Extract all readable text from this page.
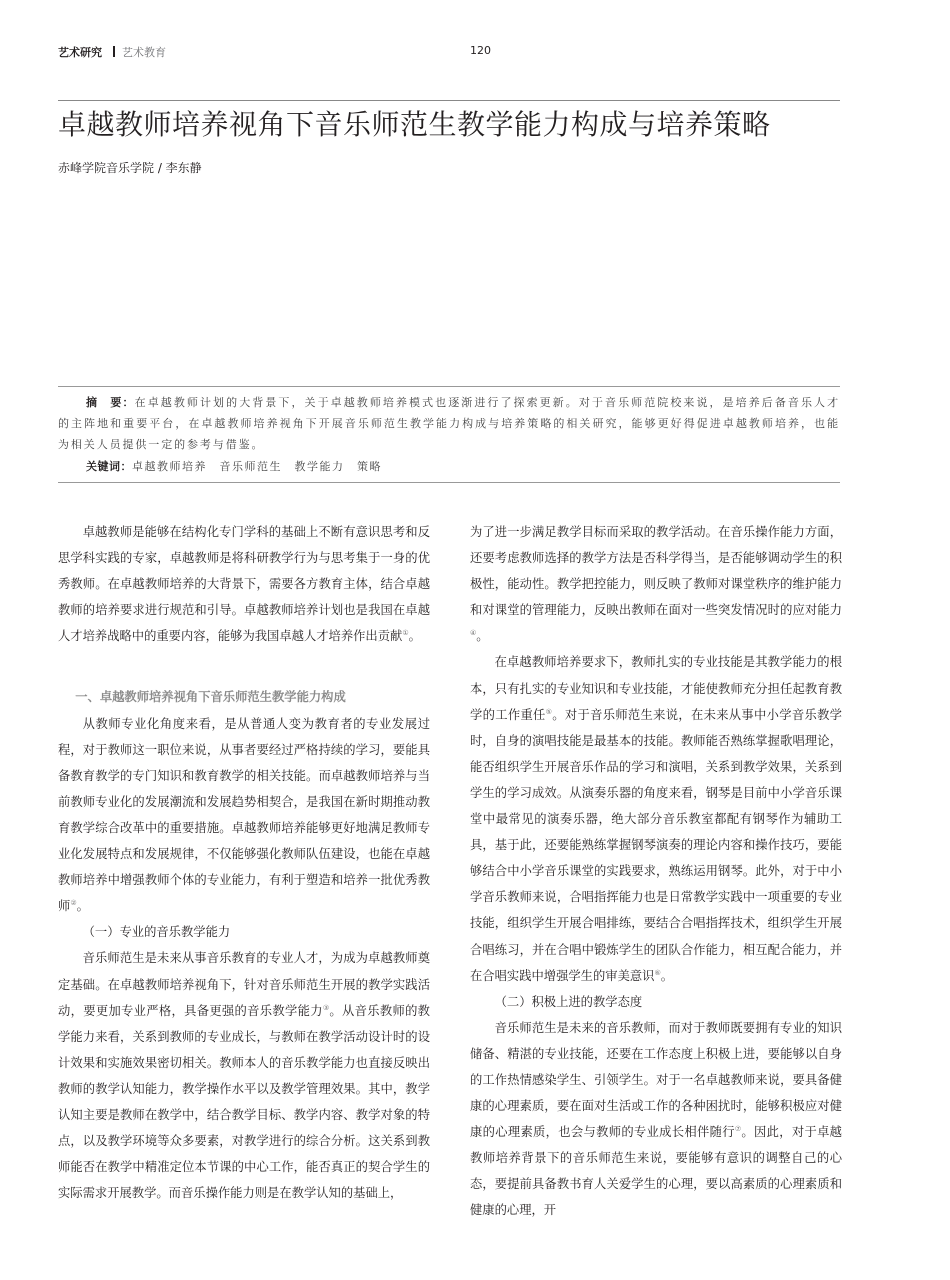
艺术研究 艺术教育	120
卓越教师培养视角下音乐师范生教学能力构成与培养策略
赤峰学院音乐学院 / 李东静
摘　要：在卓越教师计划的大背景下，关于卓越教师培养模式也逐渐进行了探索更新。对于音乐师范院校来说，是培养后备音乐人才的主阵地和重要平台，在卓越教师培养视角下开展音乐师范生教学能力构成与培养策略的相关研究，能够更好得促进卓越教师培养，也能为相关人员提供一定的参考与借鉴。
关键词：卓越教师培养　音乐师范生　教学能力　策略

卓越教师是能够在结构化专门学科的基础上不断有意识思考和反思学科实践的专家，卓越教师是将科研教学行为与思考集于一身的优秀教师。在卓越教师培养的大背景下，需要各方教育主体，结合卓越教师的培养要求进行规范和引导。卓越教师培养计划也是我国在卓越人才培养战略中的重要内容，能够为我国卓越人才培养作出贡献①。

一、卓越教师培养视角下音乐师范生教学能力构成

从教师专业化角度来看，是从普通人变为教育者的专业发展过程，对于教师这一职位来说，从事者要经过严格持续的学习，要能具备教育教学的专门知识和教育教学的相关技能。而卓越教师培养与当前教师专业化的发展潮流和发展趋势相契合，是我国在新时期推动教育教学综合改革中的重要措施。卓越教师培养能够更好地满足教师专业化发展特点和发展规律，不仅能够强化教师队伍建设，也能在卓越教师培养中增强教师个体的专业能力，有利于塑造和培养一批优秀教师②。

（一）专业的音乐教学能力

音乐师范生是未来从事音乐教育的专业人才，为成为卓越教师奠定基础。在卓越教师培养视角下，针对音乐师范生开展的教学实践活动，要更加专业严格，具备更强的音乐教学能力③。从音乐教师的教学能力来看，关系到教师的专业成长，与教师在教学活动设计时的设计效果和实施效果密切相关。教师本人的音乐教学能力也直接反映出教师的教学认知能力，教学操作水平以及教学管理效果。其中，教学认知主要是教师在教学中，结合教学目标、教学内容、教学对象的特点，以及教学环境等众多要素，对教学进行的综合分析。这关系到教师能否在教学中精准定位本节课的中心工作，能否真正的契合学生的实际需求开展教学。而音乐操作能力则是在教学认知的基础上，

为了进一步满足教学目标而采取的教学活动。在音乐操作能力方面，还要考虑教师选择的教学方法是否科学得当，是否能够调动学生的积极性，能动性。教学把控能力，则反映了教师对课堂秩序的维护能力和对课堂的管理能力，反映出教师在面对一些突发情况时的应对能力④。

在卓越教师培养要求下，教师扎实的专业技能是其教学能力的根本，只有扎实的专业知识和专业技能，才能使教师充分担任起教育教学的工作重任⑤。对于音乐师范生来说，在未来从事中小学音乐教学时，自身的演唱技能是最基本的技能。教师能否熟练掌握歌唱理论，能否组织学生开展音乐作品的学习和演唱，关系到教学效果，关系到学生的学习成效。从演奏乐器的角度来看，钢琴是目前中小学音乐课堂中最常见的演奏乐器，绝大部分音乐教室都配有钢琴作为辅助工具，基于此，还要能熟练掌握钢琴演奏的理论内容和操作技巧，要能够结合中小学音乐课堂的实践要求，熟练运用钢琴。此外，对于中小学音乐教师来说，合唱指挥能力也是日常教学实践中一项重要的专业技能，组织学生开展合唱排练，要结合合唱指挥技术，组织学生开展合唱练习，并在合唱中锻炼学生的团队合作能力，相互配合能力，并在合唱实践中增强学生的审美意识⑥。

（二）积极上进的教学态度

音乐师范生是未来的音乐教师，而对于教师既要拥有专业的知识储备、精湛的专业技能，还要在工作态度上积极上进，要能够以自身的工作热情感染学生、引领学生。对于一名卓越教师来说，要具备健康的心理素质，要在面对生活或工作的各种困扰时，能够积极应对健康的心理素质，也会与教师的专业成长相伴随行⑦。因此，对于卓越教师培养背景下的音乐师范生来说，要能够有意识的调整自己的心态，要提前具备教书育人关爱学生的心理，要以高素质的心理素质和健康的心理，开
